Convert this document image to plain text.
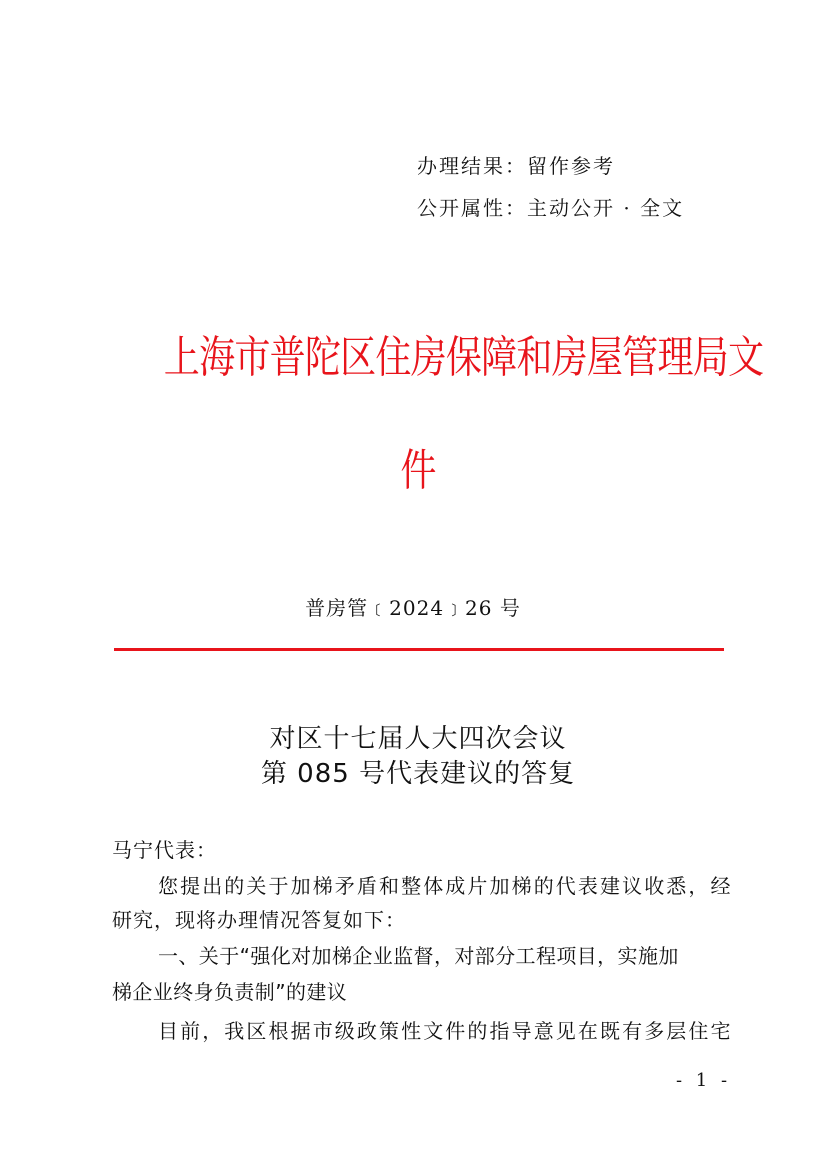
办理结果：留作参考
公开属性：主动公开 · 全文
上海市普陀区住房保障和房屋管理局文
件
普房管﹝2024﹞26 号
对区十七届人大四次会议
第 085 号代表建议的答复
马宁代表：
您提出的关于加梯矛盾和整体成片加梯的代表建议收悉，经
研究，现将办理情况答复如下：
一、关于“强化对加梯企业监督，对部分工程项目，实施加
梯企业终身负责制”的建议
目前，我区根据市级政策性文件的指导意见在既有多层住宅
- 1 -
